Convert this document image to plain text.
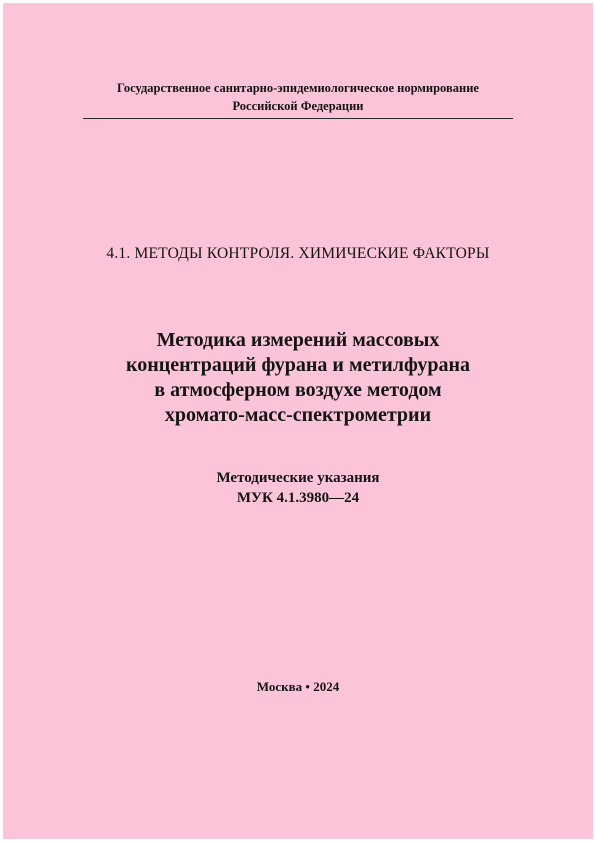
Государственное санитарно-эпидемиологическое нормирование
Российской Федерации
4.1. МЕТОДЫ КОНТРОЛЯ. ХИМИЧЕСКИЕ ФАКТОРЫ
Методика измерений массовых
концентраций фурана и метилфурана
в атмосферном воздухе методом
хромато-масс-спектрометрии
Методические указания
МУК 4.1.3980—24
Москва • 2024
